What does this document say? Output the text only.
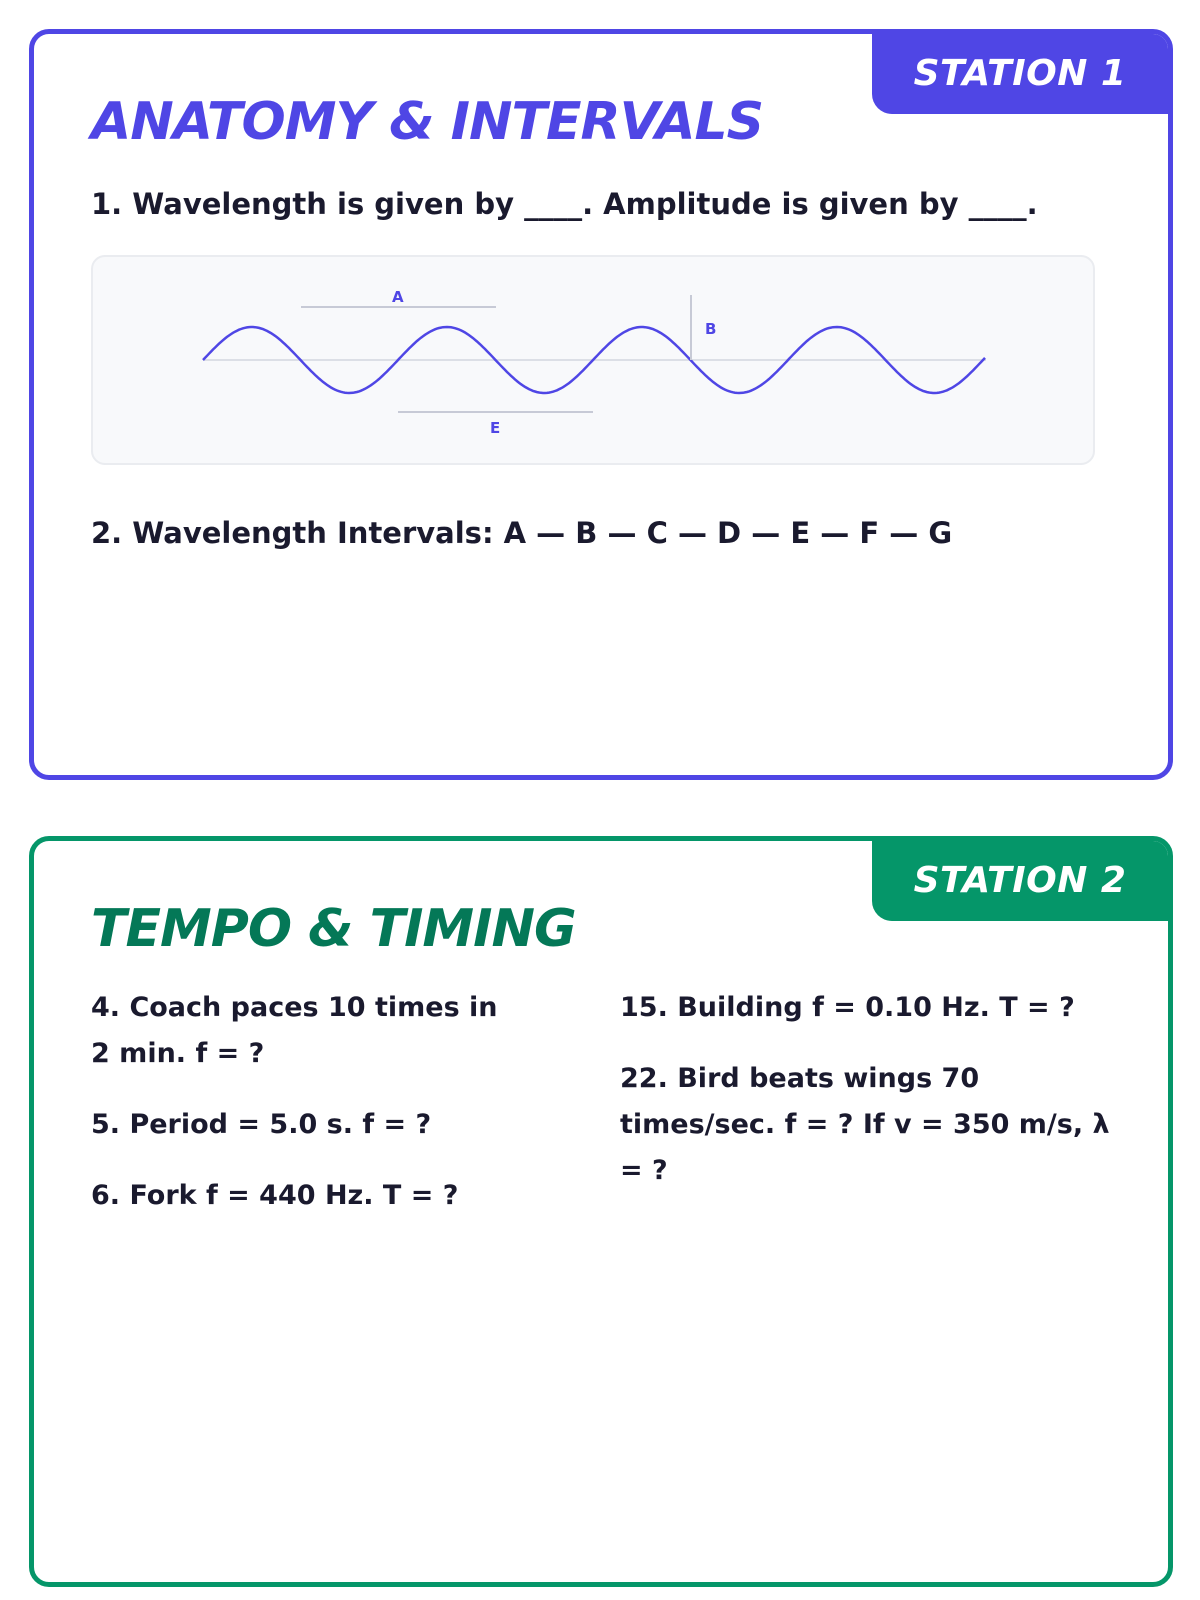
STATION 1
ANATOMY & INTERVALS

1. Wavelength is given by ____. Amplitude is given by ____.

A
B
E

2. Wavelength Intervals: A — B — C — D — E — F — G

STATION 2
TEMPO & TIMING

4. Coach paces 10 times in 2 min. f = ?

5. Period = 5.0 s. f = ?

6. Fork f = 440 Hz. T = ?

15. Building f = 0.10 Hz. T = ?

22. Bird beats wings 70 times/sec. f = ? If v = 350 m/s, λ = ?
